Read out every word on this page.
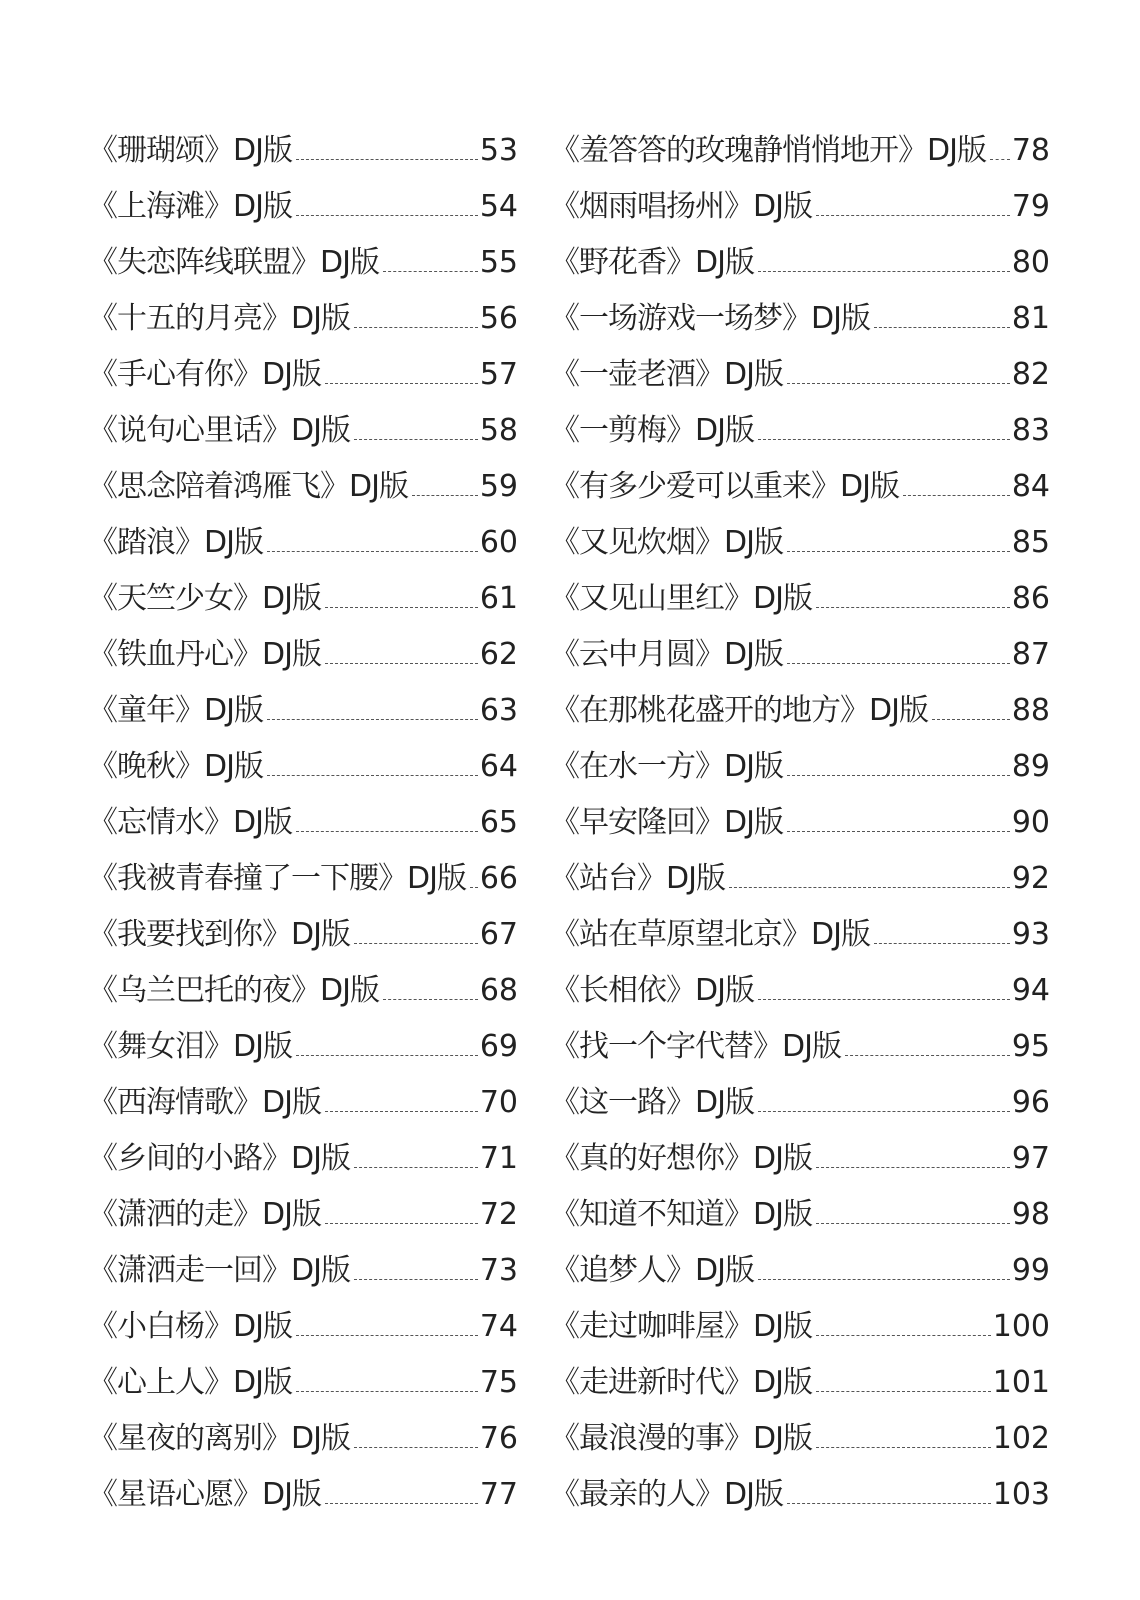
《珊瑚颂》DJ版	53
《上海滩》DJ版	54
《失恋阵线联盟》DJ版	55
《十五的月亮》DJ版	56
《手心有你》DJ版	57
《说句心里话》DJ版	58
《思念陪着鸿雁飞》DJ版 59
《踏浪》DJ版	60
《天竺少女》DJ版	61
《铁血丹心》DJ版	62
《童年》DJ版	63
《晚秋》DJ版	64
《忘情水》DJ版	65
《我被青春撞了一下腰》DJ版 66
《我要找到你》DJ版	67
《乌兰巴托的夜》DJ版	68
《舞女泪》DJ版	69
《西海情歌》DJ版	70
《乡间的小路》DJ版	71
《潇洒的走》DJ版	72
《潇洒走一回》DJ版	73
《小白杨》DJ版	74
《心上人》DJ版	75
《星夜的离别》DJ版	76
《星语心愿》DJ版	77
《羞答答的玫瑰静悄悄地开》DJ版 78
《烟雨唱扬州》DJ版	79
《野花香》DJ版	80
《一场游戏一场梦》DJ版	81
《一壶老酒》DJ版	82
《一剪梅》DJ版	83
《有多少爱可以重来》DJ版	84
《又见炊烟》DJ版	85
《又见山里红》DJ版	86
《云中月圆》DJ版	87
《在那桃花盛开的地方》DJ版	88
《在水一方》DJ版	89
《早安隆回》DJ版	90
《站台》DJ版	92
《站在草原望北京》DJ版	93
《长相依》DJ版	94
《找一个字代替》DJ版	95
《这一路》DJ版	96
《真的好想你》DJ版	97
《知道不知道》DJ版	98
《追梦人》DJ版	99
《走过咖啡屋》DJ版	100
《走进新时代》DJ版	101
《最浪漫的事》DJ版	102
《最亲的人》DJ版	103
